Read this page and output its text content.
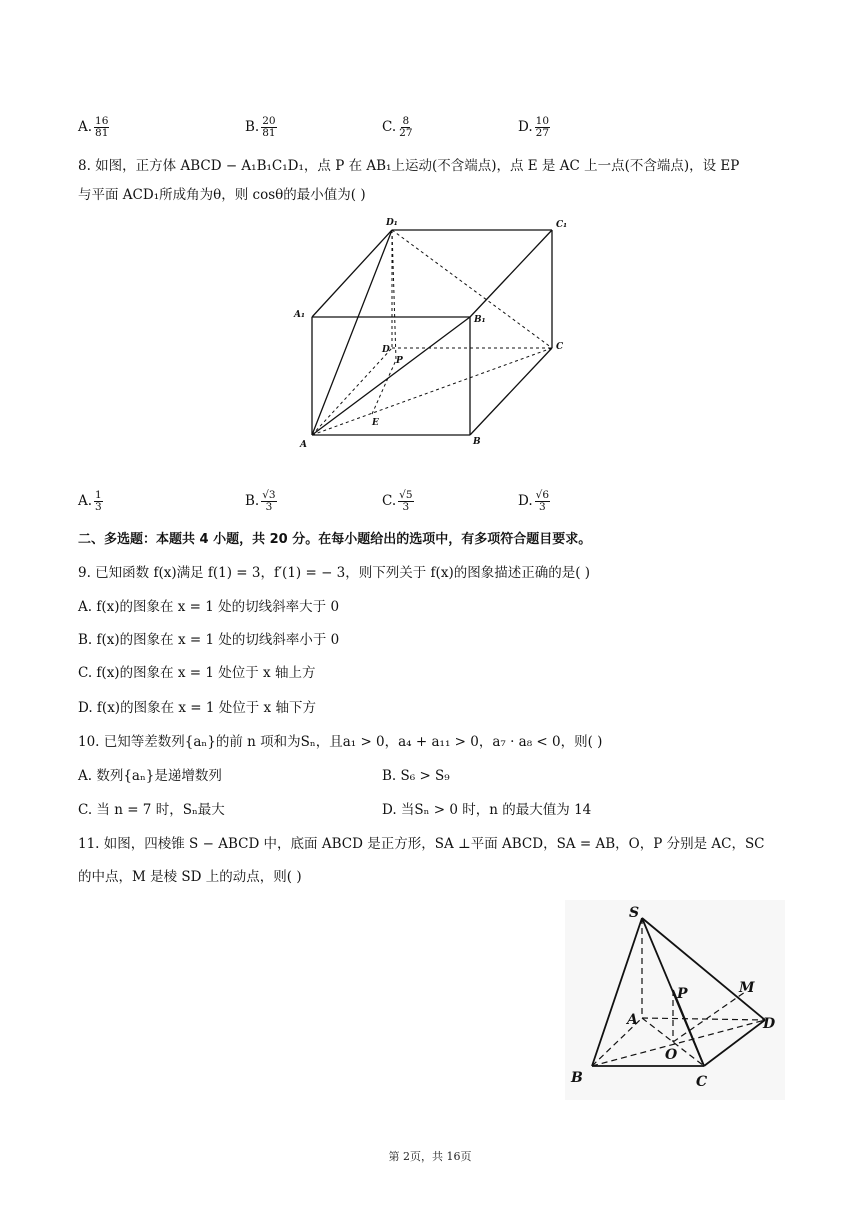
A. $\frac{16}{81}$	B. $\frac{20}{81}$	C. $\frac{8}{27}$	D. $\frac{10}{27}$
8. 如图，正方体 ABCD − A₁B₁C₁D₁，点 P 在 AB₁上运动(不含端点)，点 E 是 AC 上一点(不含端点)，设 EP
与平面 ACD₁所成角为θ，则 cosθ的最小值为( )
D₁	C₁
A₁	B₁
D
P
C
E
A	B
A. $\frac{1}{3}$	B. $\frac{√3}{3}$	C. $\frac{√5}{3}$	D. $\frac{√6}{3}$
二、多选题：本题共 4 小题，共 20 分。在每小题给出的选项中，有多项符合题目要求。
9. 已知函数 f(x)满足 f(1) = 3，f′(1) = − 3，则下列关于 f(x)的图象描述正确的是( )
A. f(x)的图象在 x = 1 处的切线斜率大于 0
B. f(x)的图象在 x = 1 处的切线斜率小于 0
C. f(x)的图象在 x = 1 处位于 x 轴上方
D. f(x)的图象在 x = 1 处位于 x 轴下方
10. 已知等差数列{aₙ}的前 n 项和为Sₙ，且a₁ > 0，a₄ + a₁₁ > 0，a₇ · a₈ < 0，则( )
A. 数列{aₙ}是递增数列	B. S₆ > S₉
C. 当 n = 7 时，Sₙ最大	D. 当Sₙ > 0 时，n 的最大值为 14
11. 如图，四棱锥 S − ABCD 中，底面 ABCD 是正方形，SA ⊥平面 ABCD，SA = AB，O，P 分别是 AC，SC
的中点，M 是棱 SD 上的动点，则( )
S
P	M
A	D
O
B	C
第 2页，共 16页
